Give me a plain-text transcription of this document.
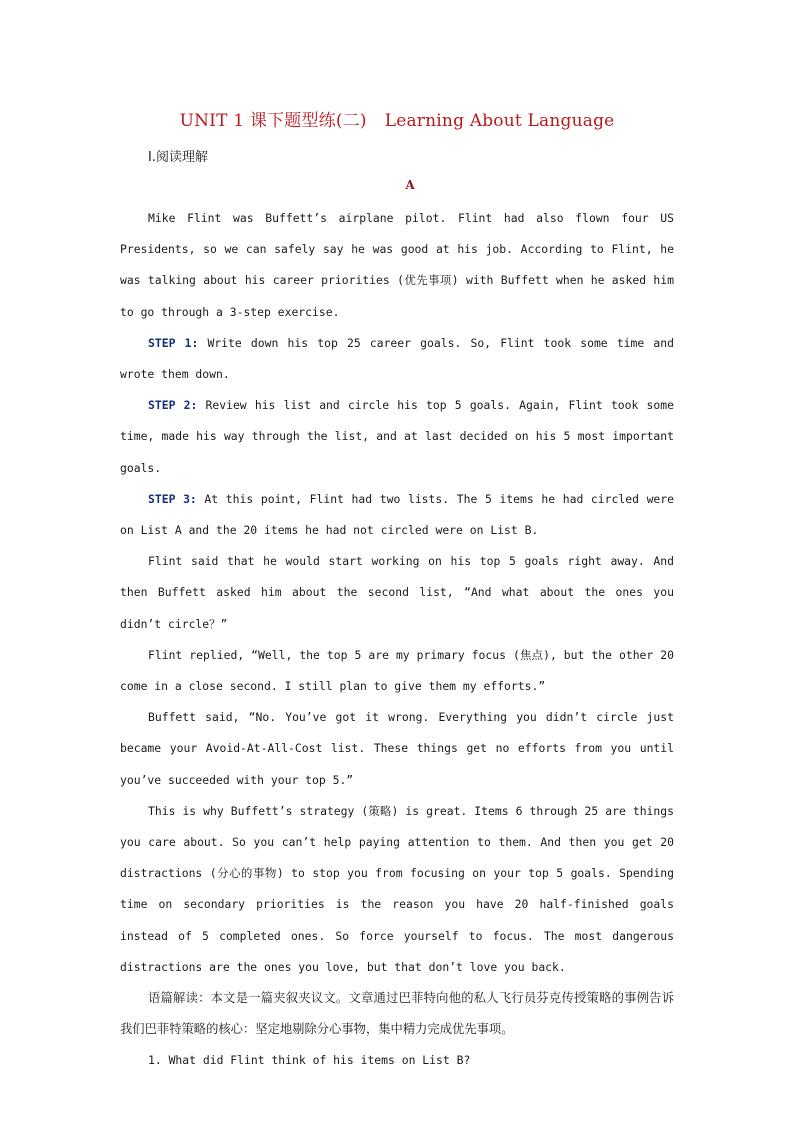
UNIT 1 课下题型练(二) Learning About Language
Ⅰ.阅读理解
A

Mike Flint was Buffett’s airplane pilot. Flint had also flown four US Presidents, so we can safely say he was good at his job. According to Flint, he was talking about his career priorities (优先事项) with Buffett when he asked him to go through a 3-step exercise.

STEP 1: Write down his top 25 career goals. So, Flint took some time and wrote them down.

STEP 2: Review his list and circle his top 5 goals. Again, Flint took some time, made his way through the list, and at last decided on his 5 most important goals.

STEP 3: At this point, Flint had two lists. The 5 items he had circled were on List A and the 20 items he had not circled were on List B.

Flint said that he would start working on his top 5 goals right away. And then Buffett asked him about the second list, “And what about the ones you didn’t circle？”

Flint replied, “Well, the top 5 are my primary focus (焦点), but the other 20 come in a close second. I still plan to give them my efforts.”

Buffett said, “No. You’ve got it wrong. Everything you didn’t circle just became your Avoid-At-All-Cost list. These things get no efforts from you until you’ve succeeded with your top 5.”

This is why Buffett’s strategy (策略) is great. Items 6 through 25 are things you care about. So you can’t help paying attention to them. And then you get 20 distractions (分心的事物) to stop you from focusing on your top 5 goals. Spending time on secondary priorities is the reason you have 20 half-finished goals instead of 5 completed ones. So force yourself to focus. The most dangerous distractions are the ones you love, but that don’t love you back.

语篇解读：本文是一篇夹叙夹议文。文章通过巴菲特向他的私人飞行员芬克传授策略的事例告诉我们巴菲特策略的核心：坚定地剔除分心事物，集中精力完成优先事项。

1. What did Flint think of his items on List B?
